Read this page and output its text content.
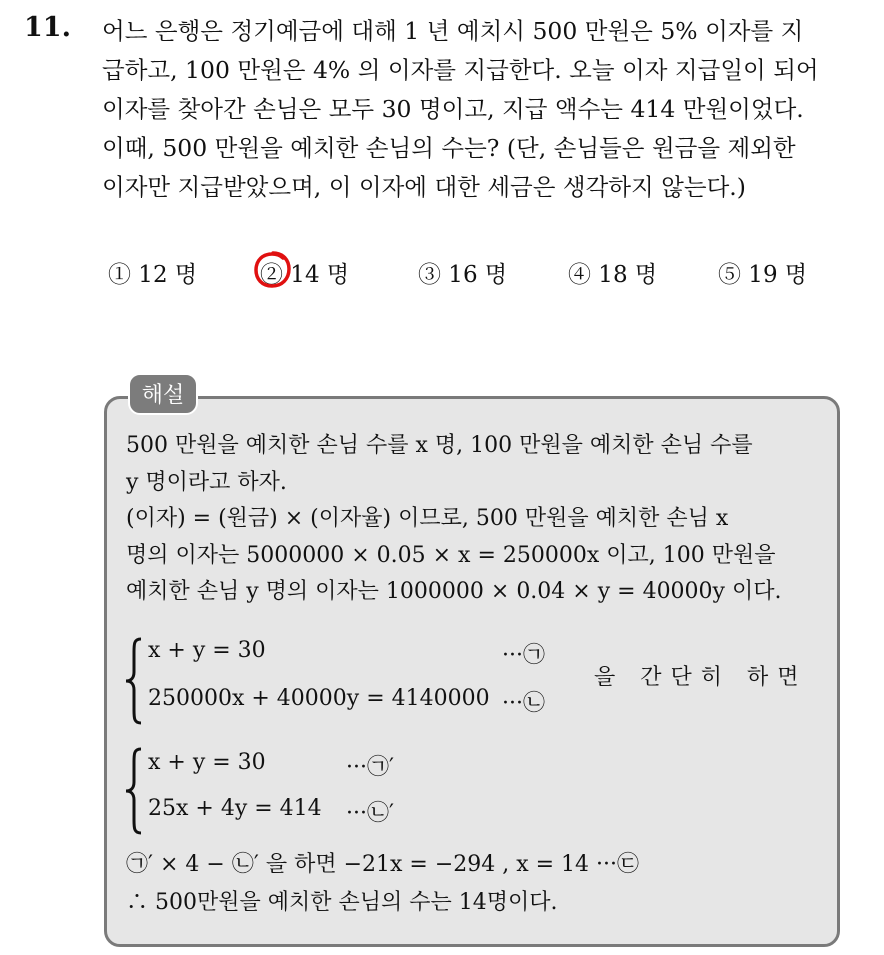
11. 어느 은행은 정기예금에 대해 1 년 예치시 500 만원은 5% 이자를 지
급하고, 100 만원은 4% 의 이자를 지급한다. 오늘 이자 지급일이 되어
이자를 찾아간 손님은 모두 30 명이고, 지급 액수는 414 만원이었다.
이때, 500 만원을 예치한 손님의 수는? (단, 손님들은 원금을 제외한
이자만 지급받았으며, 이 이자에 대한 세금은 생각하지 않는다.)
① 12 명	② 14 명	③ 16 명	④ 18 명	⑤ 19 명
해설
500 만원을 예치한 손님 수를 x 명, 100 만원을 예치한 손님 수를
y 명이라고 하자.
(이자) = (원금) × (이자율) 이므로, 500 만원을 예치한 손님 x
명의 이자는 5000000 × 0.05 × x = 250000x 이고, 100 만원을
예치한 손님 y 명의 이자는 1000000 × 0.04 × y = 40000y 이다.
x + y = 30	···㉠
250000x + 40000y = 4140000 ···㉡
을 간단히 하면
x + y = 30	···㉠′
25x + 4y = 414 ···㉡′
㉠′ × 4 − ㉡′ 을 하면 −21x = −294 , x = 14 ···㉢
∴ 500만원을 예치한 손님의 수는 14명이다.
